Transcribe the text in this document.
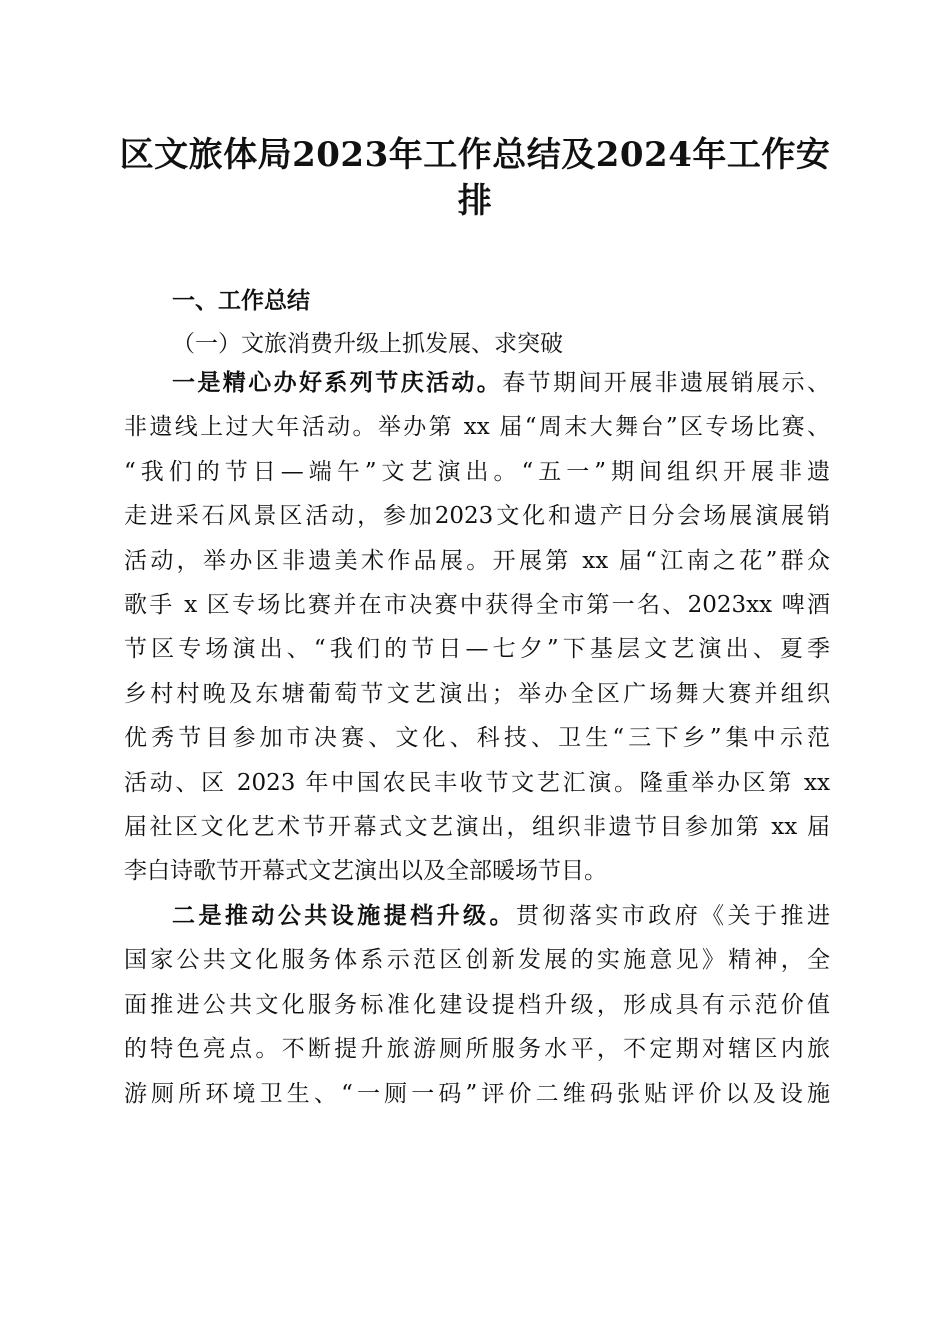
区文旅体局2023年工作总结及2024年工作安
排
一、工作总结
（一）文旅消费升级上抓发展、求突破
一是精心办好系列节庆活动。春节期间开展非遗展销展示、
非遗线上过大年活动。举办第 xx 届“周末大舞台”区专场比赛、
“我们的节日—端午”文艺演出。“五一”期间组织开展非遗
走进采石风景区活动，参加2023文化和遗产日分会场展演展销
活动，举办区非遗美术作品展。开展第 xx 届“江南之花”群众
歌手 x 区专场比赛并在市决赛中获得全市第一名、2023xx 啤酒
节区专场演出、“我们的节日—七夕”下基层文艺演出、夏季
乡村村晚及东塘葡萄节文艺演出；举办全区广场舞大赛并组织
优秀节目参加市决赛、文化、科技、卫生“三下乡”集中示范
活动、区 2023 年中国农民丰收节文艺汇演。隆重举办区第 xx
届社区文化艺术节开幕式文艺演出，组织非遗节目参加第 xx 届
李白诗歌节开幕式文艺演出以及全部暖场节目。
二是推动公共设施提档升级。贯彻落实市政府《关于推进
国家公共文化服务体系示范区创新发展的实施意见》精神，全
面推进公共文化服务标准化建设提档升级，形成具有示范价值
的特色亮点。不断提升旅游厕所服务水平，不定期对辖区内旅
游厕所环境卫生、“一厕一码”评价二维码张贴评价以及设施
